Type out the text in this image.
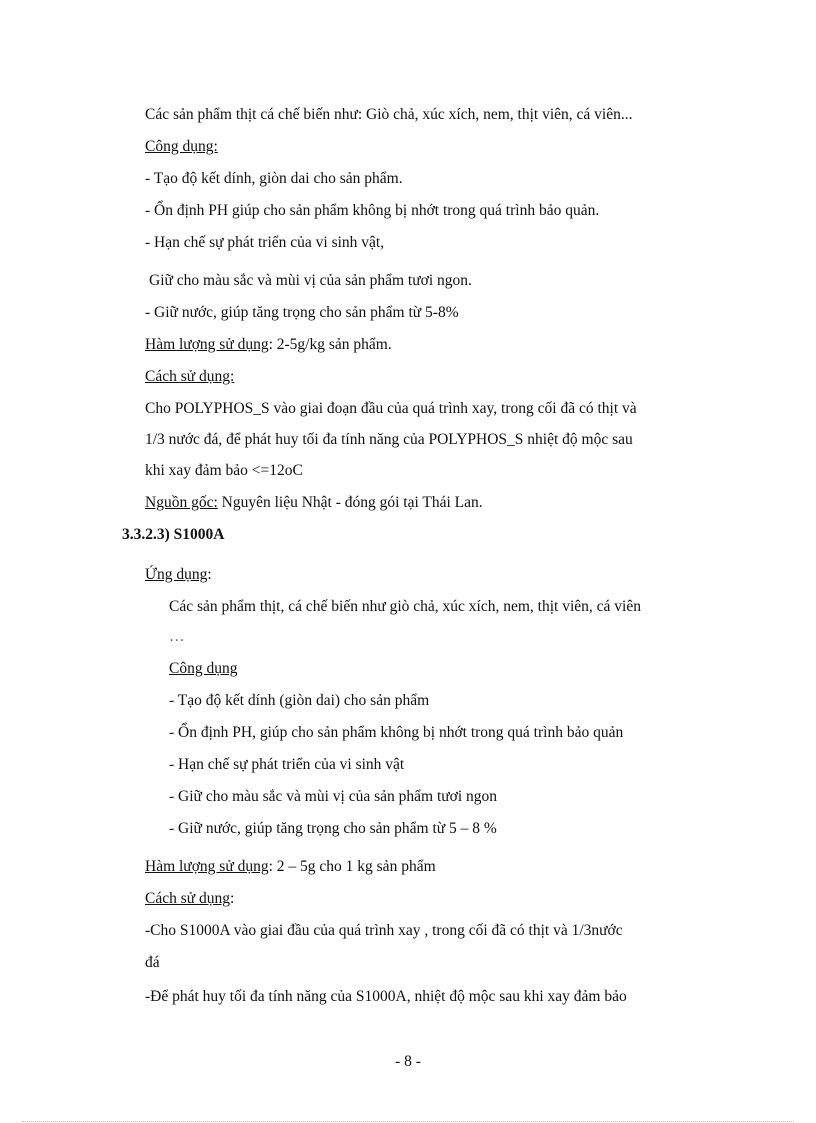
Các sản phẩm thịt cá chế biến như: Giò chả, xúc xích, nem, thịt viên, cá viên...
Công dụng:
- Tạo độ kết dính, giòn dai cho sản phẩm.
- Ổn định PH giúp cho sản phẩm không bị nhớt trong quá trình bảo quản.
- Hạn chế sự phát triển của vi sinh vật,
Giữ cho màu sắc và mùi vị của sản phẩm tươi ngon.
- Giữ nước, giúp tăng trọng cho sản phẩm từ 5-8%
Hàm lượng sử dụng: 2-5g/kg sản phẩm.
Cách sử dụng:
Cho POLYPHOS_S vào giai đoạn đầu của quá trình xay, trong cối đã có thịt và
1/3 nước đá, để phát huy tối đa tính năng của POLYPHOS_S nhiệt độ mộc sau
khi xay đảm bảo <=12oC
Nguồn gốc: Nguyên liệu Nhật - đóng gói tại Thái Lan.
3.3.2.3) S1000A
Ứng dụng:
Các sản phẩm thịt, cá chế biến như giò chả, xúc xích, nem, thịt viên, cá viên
…
Công dụng
- Tạo độ kết dính (giòn dai) cho sản phẩm
- Ổn định PH, giúp cho sản phẩm không bị nhớt trong quá trình bảo quản
- Hạn chế sự phát triển của vi sinh vật
- Giữ cho màu sắc và mùi vị của sản phẩm tươi ngon
- Giữ nước, giúp tăng trọng cho sản phẩm từ 5 – 8 %
Hàm lượng sử dụng: 2 – 5g cho 1 kg sản phẩm
Cách sử dụng:
-Cho S1000A vào giai đầu của quá trình xay , trong cối đã có thịt và 1/3nước
đá
-Để phát huy tối đa tính năng của S1000A, nhiệt độ mộc sau khi xay đảm bảo
- 8 -
